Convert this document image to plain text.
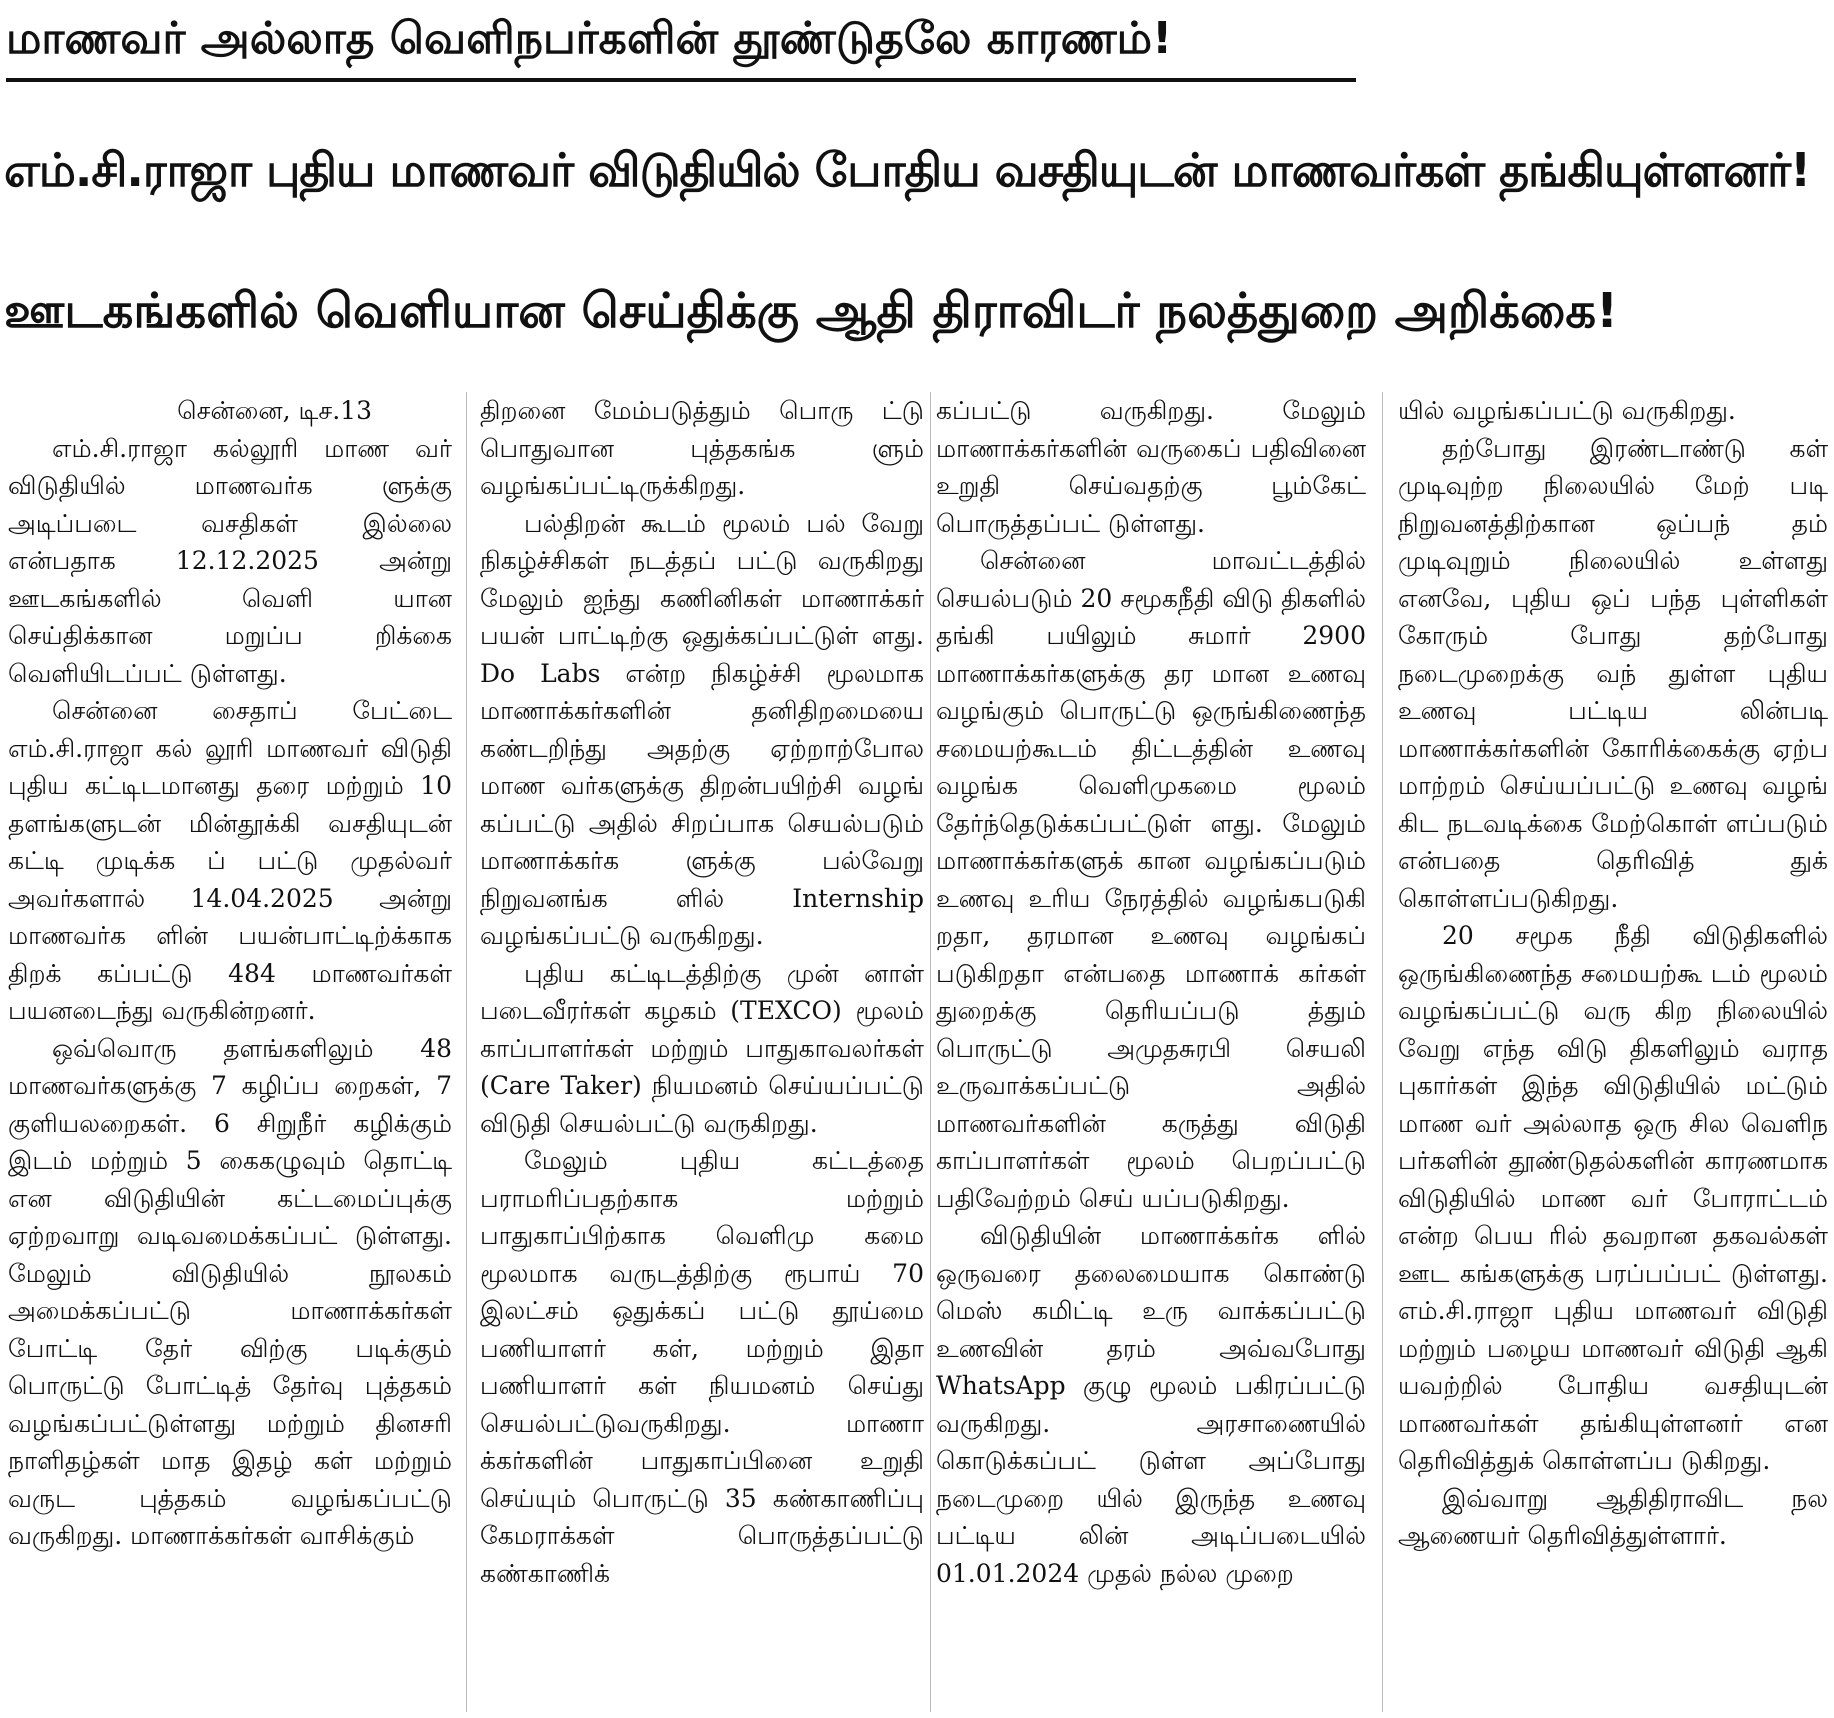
மாணவர் அல்லாத வெளிநபர்களின் தூண்டுதலே காரணம்!
எம்.சி.ராஜா புதிய மாணவர் விடுதியில் போதிய வசதியுடன் மாணவர்கள் தங்கியுள்ளனர்!
ஊடகங்களில் வெளியான செய்திக்கு ஆதி திராவிடர் நலத்துறை அறிக்கை!

சென்னை, டிச.13

எம்.சி.ராஜா கல்லூரி மாண வர் விடுதியில் மாணவர்க ளுக்கு அடிப்படை வசதிகள் இல்லை என்பதாக 12.12.2025 அன்று ஊடகங்களில் வெளி யான செய்திக்கான மறுப்ப றிக்கை வெளியிடப்பட் டுள்ளது.

சென்னை சைதாப் பேட்டை எம்.சி.ராஜா கல் லூரி மாணவர் விடுதி புதிய கட்டிடமானது தரை மற்றும் 10 தளங்களுடன் மின்தூக்கி வசதியுடன் கட்டி முடிக்க ப் பட்டு முதல்வர் அவர்களால் 14.04.2025 அன்று மாணவர்க ளின் பயன்பாட்டிற்க்காக திறக் கப்பட்டு 484 மாணவர்கள் பயனடைந்து வருகின்றனர்.

ஒவ்வொரு தளங்களிலும் 48 மாணவர்களுக்கு 7 கழிப்ப றைகள், 7 குளியலறைகள். 6 சிறுநீர் கழிக்கும் இடம் மற்றும் 5 கைகழுவும் தொட்டி என விடுதியின் கட்டமைப்புக்கு ஏற்றவாறு வடிவமைக்கப்பட் டுள்ளது. மேலும் விடுதியில் நூலகம் அமைக்கப்பட்டு மாணாக்கர்கள் போட்டி தேர் விற்கு படிக்கும் பொருட்டு போட்டித் தேர்வு புத்தகம் வழங்கப்பட்டுள்ளது மற்றும் தினசரி நாளிதழ்கள் மாத இதழ் கள் மற்றும் வருட புத்தகம் வழங்கப்பட்டு வருகிறது. மாணாக்கர்கள் வாசிக்கும்

திறனை மேம்படுத்தும் பொரு ட்டு பொதுவான புத்தகங்க ளும் வழங்கப்பட்டிருக்கிறது.

பல்திறன் கூடம் மூலம் பல் வேறு நிகழ்ச்சிகள் நடத்தப் பட்டு வருகிறது மேலும் ஐந்து கணினிகள் மாணாக்கர் பயன் பாட்டிற்கு ஒதுக்கப்பட்டுள் ளது. Do Labs என்ற நிகழ்ச்சி மூலமாக மாணாக்கர்களின் தனிதிறமையை கண்டறிந்து அதற்கு ஏற்றாற்போல மாண வர்களுக்கு திறன்பயிற்சி வழங் கப்பட்டு அதில் சிறப்பாக செயல்படும் மாணாக்கர்க ளுக்கு பல்வேறு நிறுவனங்க ளில் Internship வழங்கப்பட்டு வருகிறது.

புதிய கட்டிடத்திற்கு முன் னாள் படைவீரர்கள் கழகம் (TEXCO) மூலம் காப்பாளர்கள் மற்றும் பாதுகாவலர்கள் (Care Taker) நியமனம் செய்யப்பட்டு விடுதி செயல்பட்டு வருகிறது.

மேலும் புதிய கட்டத்தை பராமரிப்பதற்காக மற்றும் பாதுகாப்பிற்காக வெளிமு கமை மூலமாக வருடத்திற்கு ரூபாய் 70 இலட்சம் ஒதுக்கப் பட்டு தூய்மை பணியாளர் கள், மற்றும் இதா பணியாளர் கள் நியமனம் செய்து செயல்பட்டுவருகிறது. மாணா க்கர்களின் பாதுகாப்பினை உறுதி செய்யும் பொருட்டு 35 கண்காணிப்பு கேமராக்கள் பொருத்தப்பட்டு கண்காணிக்

கப்பட்டு வருகிறது. மேலும் மாணாக்கர்களின் வருகைப் பதிவினை உறுதி செய்வதற்கு பூம்கேட் பொருத்தப்பட் டுள்ளது.

சென்னை மாவட்டத்தில் செயல்படும் 20 சமூகநீதி விடு திகளில் தங்கி பயிலும் சுமார் 2900 மாணாக்கர்களுக்கு தர மான உணவு வழங்கும் பொருட்டு ஒருங்கிணைந்த சமையற்கூடம் திட்டத்தின் உணவு வழங்க வெளிமுகமை மூலம் தேர்ந்தெடுக்கப்பட்டுள் ளது. மேலும் மாணாக்கர்களுக் கான வழங்கப்படும் உணவு உரிய நேரத்தில் வழங்கபடுகி றதா, தரமான உணவு வழங்கப் படுகிறதா என்பதை மாணாக் கர்கள் துறைக்கு தெரியப்படு த்தும் பொருட்டு அமுதசுரபி செயலி உருவாக்கப்பட்டு அதில் மாணவர்களின் கருத்து விடுதி காப்பாளர்கள் மூலம் பெறப்பட்டு பதிவேற்றம் செய் யப்படுகிறது.

விடுதியின் மாணாக்கர்க ளில் ஒருவரை தலைமையாக கொண்டு மெஸ் கமிட்டி உரு வாக்கப்பட்டு உணவின் தரம் அவ்வபோது WhatsApp குழு மூலம் பகிரப்பட்டு வருகிறது. அரசாணையில் கொடுக்கப்பட் டுள்ள அப்போது நடைமுறை யில் இருந்த உணவு பட்டிய லின் அடிப்படையில் 01.01.2024 முதல் நல்ல முறை

யில் வழங்கப்பட்டு வருகிறது.

தற்போது இரண்டாண்டு கள் முடிவுற்ற நிலையில் மேற் படி நிறுவனத்திற்கான ஒப்பந் தம் முடிவுறும் நிலையில் உள்ளது எனவே, புதிய ஒப் பந்த புள்ளிகள் கோரும் போது தற்போது நடைமுறைக்கு வந் துள்ள புதிய உணவு பட்டிய லின்படி மாணாக்கர்களின் கோரிக்கைக்கு ஏற்ப மாற்றம் செய்யப்பட்டு உணவு வழங் கிட நடவடிக்கை மேற்கொள் ளப்படும் என்பதை தெரிவித் துக் கொள்ளப்படுகிறது.

20 சமூக நீதி விடுதிகளில் ஒருங்கிணைந்த சமையற்கூ டம் மூலம் வழங்கப்பட்டு வரு கிற நிலையில் வேறு எந்த விடு திகளிலும் வராத புகார்கள் இந்த விடுதியில் மட்டும் மாண வர் அல்லாத ஒரு சில வெளிந பர்களின் தூண்டுதல்களின் காரணமாக விடுதியில் மாண வர் போராட்டம் என்ற பெய ரில் தவறான தகவல்கள் ஊட கங்களுக்கு பரப்பப்பட் டுள்ளது. எம்.சி.ராஜா புதிய மாணவர் விடுதி மற்றும் பழைய மாணவர் விடுதி ஆகி யவற்றில் போதிய வசதியுடன் மாணவர்கள் தங்கியுள்ளனர் என தெரிவித்துக் கொள்ளப்ப டுகிறது.

இவ்வாறு ஆதிதிராவிட நல ஆணையர் தெரிவித்துள்ளார்.
